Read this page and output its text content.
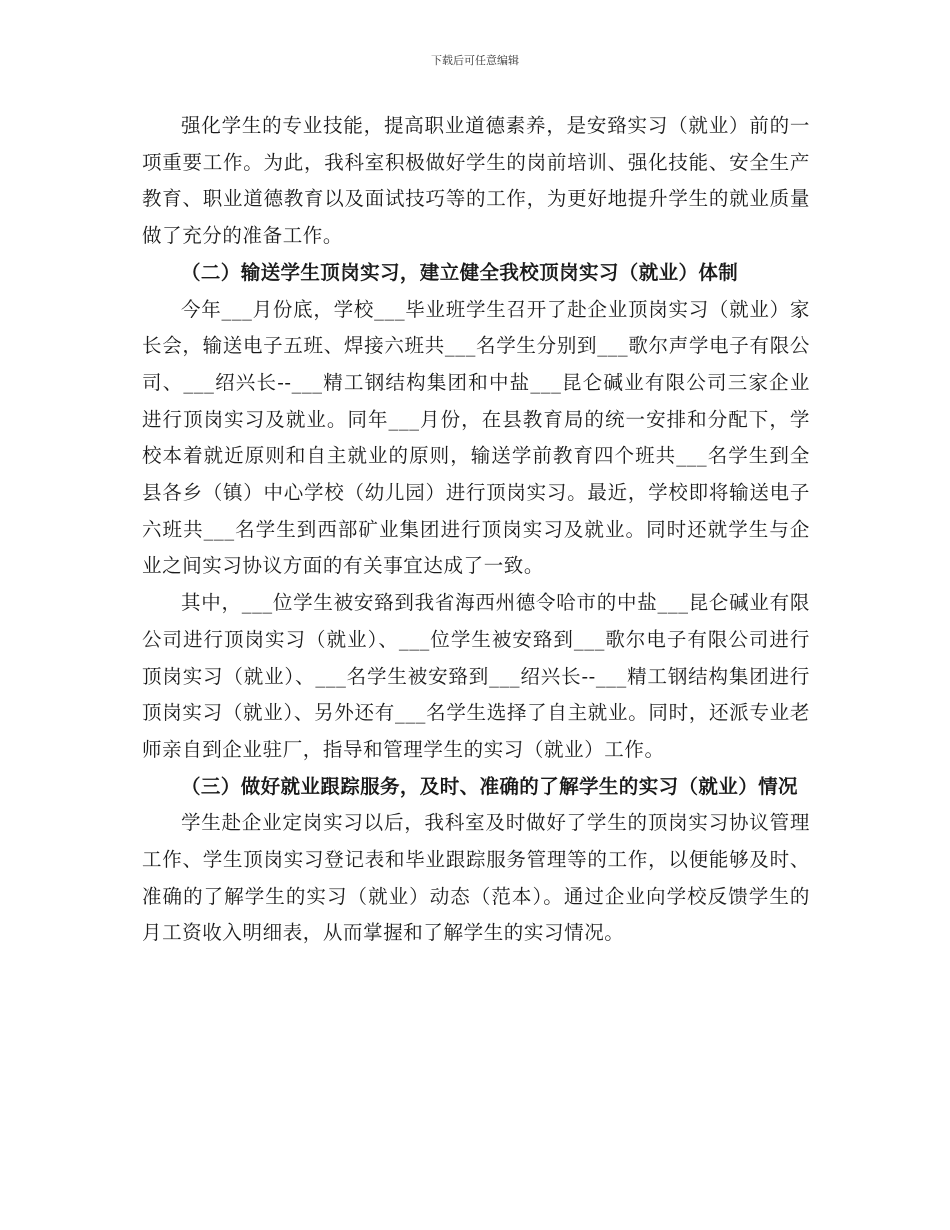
下载后可任意编辑

强化学生的专业技能，提高职业道德素养，是安臵实习（就业）前的一项重要工作。为此，我科室积极做好学生的岗前培训、强化技能、安全生产教育、职业道德教育以及面试技巧等的工作，为更好地提升学生的就业质量做了充分的准备工作。

（二）输送学生顶岗实习，建立健全我校顶岗实习（就业）体制

今年___月份底，学校___毕业班学生召开了赴企业顶岗实习（就业）家长会，输送电子五班、焊接六班共___名学生分别到___歌尔声学电子有限公司、___绍兴长--___精工钢结构集团和中盐___昆仑碱业有限公司三家企业进行顶岗实习及就业。同年___月份，在县教育局的统一安排和分配下，学校本着就近原则和自主就业的原则，输送学前教育四个班共___名学生到全县各乡（镇）中心学校（幼儿园）进行顶岗实习。最近，学校即将输送电子六班共___名学生到西部矿业集团进行顶岗实习及就业。同时还就学生与企业之间实习协议方面的有关事宜达成了一致。

其中，___位学生被安臵到我省海西州德令哈市的中盐___昆仑碱业有限公司进行顶岗实习（就业）、___位学生被安臵到___歌尔电子有限公司进行顶岗实习（就业）、___名学生被安臵到___绍兴长--___精工钢结构集团进行顶岗实习（就业）、另外还有___名学生选择了自主就业。同时，还派专业老师亲自到企业驻厂，指导和管理学生的实习（就业）工作。

（三）做好就业跟踪服务，及时、准确的了解学生的实习（就业）情况

学生赴企业定岗实习以后，我科室及时做好了学生的顶岗实习协议管理工作、学生顶岗实习登记表和毕业跟踪服务管理等的工作，以便能够及时、准确的了解学生的实习（就业）动态（范本）。通过企业向学校反馈学生的月工资收入明细表，从而掌握和了解学生的实习情况。
